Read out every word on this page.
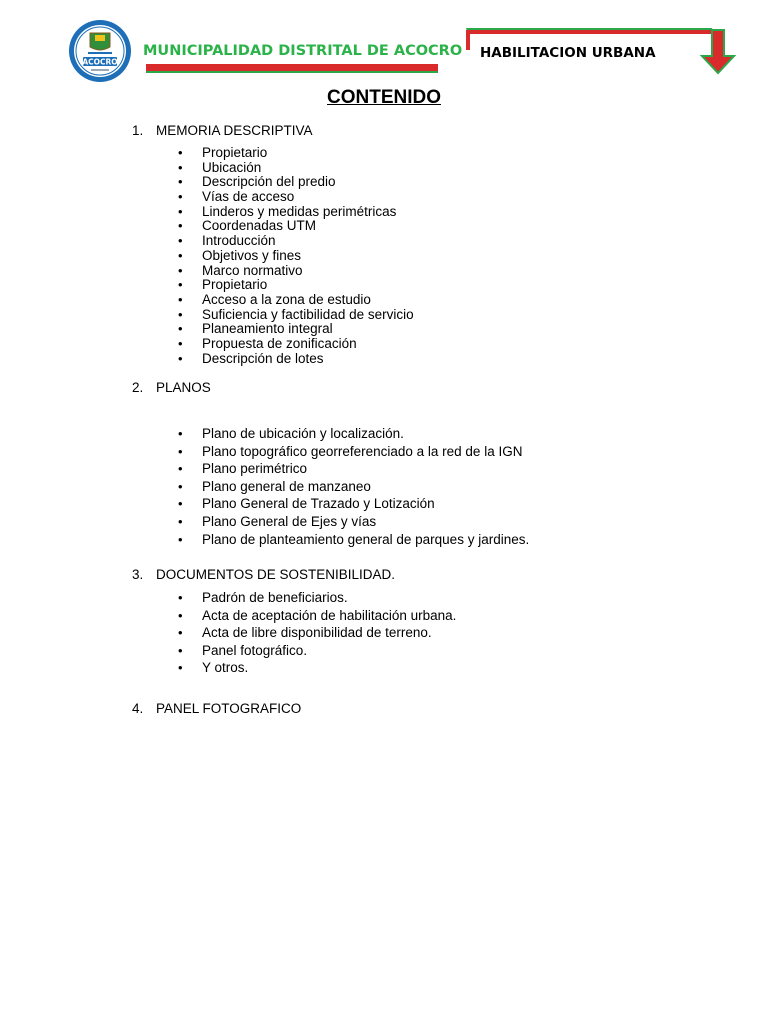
ACOCRO
MUNICIPALIDAD DISTRITAL DE ACOCRO HABILITACION URBANA
CONTENIDO
1. MEMORIA DESCRIPTIVA
• Propietario
• Ubicación
• Descripción del predio
• Vías de acceso
• Linderos y medidas perimétricas
• Coordenadas UTM
• Introducción
• Objetivos y fines
• Marco normativo
• Propietario
• Acceso a la zona de estudio
• Suficiencia y factibilidad de servicio
• Planeamiento integral
• Propuesta de zonificación
• Descripción de lotes
2. PLANOS
• Plano de ubicación y localización.
• Plano topográfico georreferenciado a la red de la IGN
• Plano perimétrico
• Plano general de manzaneo
• Plano General de Trazado y Lotización
• Plano General de Ejes y vías
• Plano de planteamiento general de parques y jardines.
3. DOCUMENTOS DE SOSTENIBILIDAD.
• Padrón de beneficiarios.
• Acta de aceptación de habilitación urbana.
• Acta de libre disponibilidad de terreno.
• Panel fotográfico.
• Y otros.
4. PANEL FOTOGRAFICO
